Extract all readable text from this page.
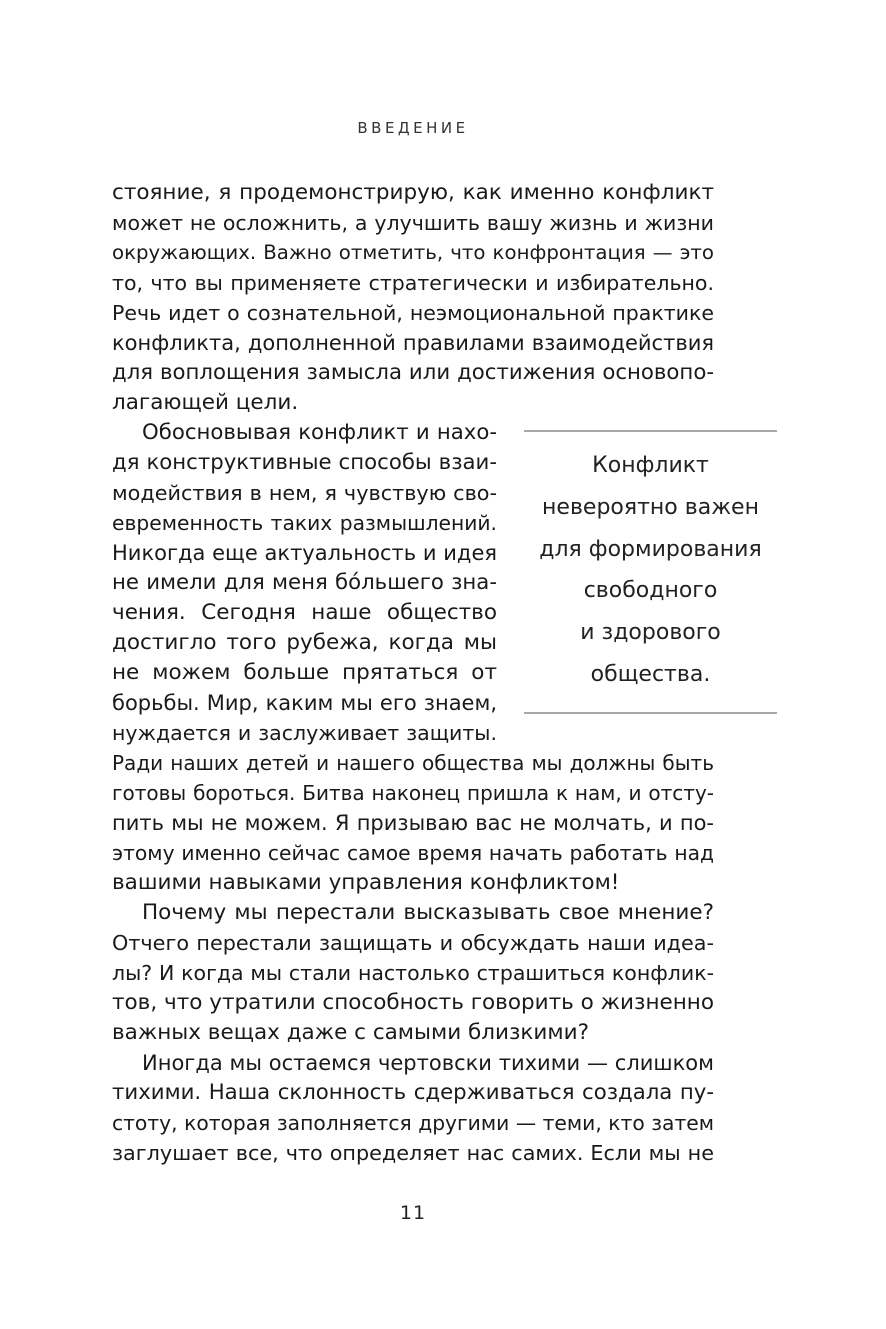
ВВЕДЕНИЕ
стояние, я продемонстрирую, как именно конфликт
может не осложнить, а улучшить вашу жизнь и жизни
окружающих. Важно отметить, что конфронтация — это
то, что вы применяете стратегически и избирательно.
Речь идет о сознательной, неэмоциональной практике
конфликта, дополненной правилами взаимодействия
для воплощения замысла или достижения основопо-
лагающей цели.
Обосновывая конфликт и нахо-
дя конструктивные способы взаи-
модействия в нем, я чувствую сво-
евременность таких размышлений.
Никогда еще актуальность и идея
не имели для меня бóльшего зна-
чения. Сегодня наше общество
достигло того рубежа, когда мы
не можем больше прятаться от
борьбы. Мир, каким мы его знаем,
нуждается и заслуживает защиты.
Ради наших детей и нашего общества мы должны быть
готовы бороться. Битва наконец пришла к нам, и отсту-
пить мы не можем. Я призываю вас не молчать, и по-
этому именно сейчас самое время начать работать над
вашими навыками управления конфликтом!
Конфликт
невероятно важен
для формирования
свободного
и здорового
общества.
Почему мы перестали высказывать свое мнение?
Отчего перестали защищать и обсуждать наши идеа-
лы? И когда мы стали настолько страшиться конфлик-
тов, что утратили способность говорить о жизненно
важных вещах даже с самыми близкими?
Иногда мы остаемся чертовски тихими — слишком
тихими. Наша склонность сдерживаться создала пу-
стоту, которая заполняется другими — теми, кто затем
заглушает все, что определяет нас самих. Если мы не
11
